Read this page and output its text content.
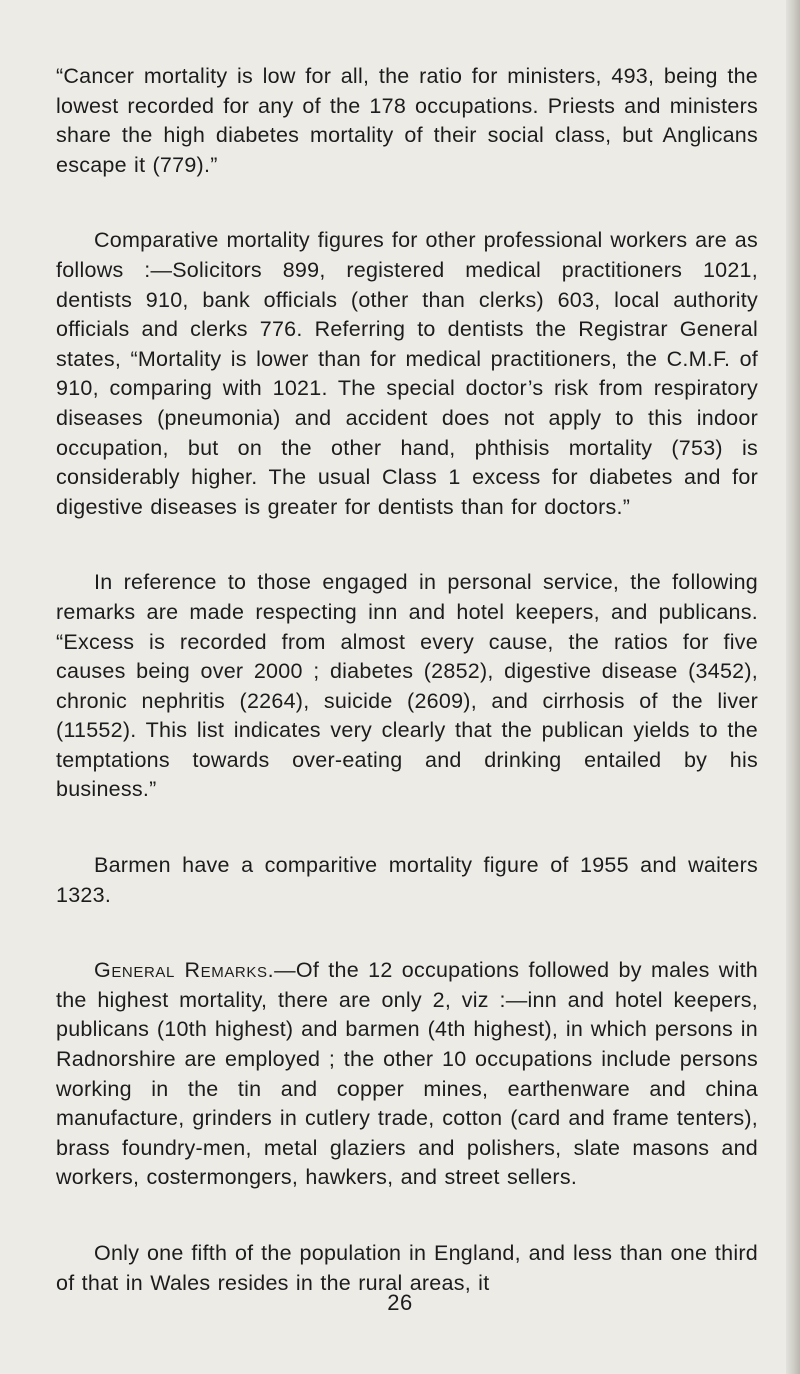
“Cancer mortality is low for all, the ratio for ministers, 493, being the lowest recorded for any of the 178 occupations. Priests and ministers share the high diabetes mortality of their social class, but Anglicans escape it (779).”

Comparative mortality figures for other professional workers are as follows :—Solicitors 899, registered medical practitioners 1021, dentists 910, bank officials (other than clerks) 603, local authority officials and clerks 776. Referring to dentists the Registrar General states, “Mortality is lower than for medical practitioners, the C.M.F. of 910, comparing with 1021. The special doctor’s risk from respiratory diseases (pneumonia) and accident does not apply to this indoor occupation, but on the other hand, phthisis mortality (753) is considerably higher. The usual Class 1 excess for diabetes and for digestive diseases is greater for dentists than for doctors.”

In reference to those engaged in personal service, the following remarks are made respecting inn and hotel keepers, and publicans. “Excess is recorded from almost every cause, the ratios for five causes being over 2000 ; diabetes (2852), digestive disease (3452), chronic nephritis (2264), suicide (2609), and cirrhosis of the liver (11552). This list indicates very clearly that the publican yields to the temptations towards over-eating and drinking entailed by his business.”

Barmen have a comparitive mortality figure of 1955 and waiters 1323.

General Remarks.—Of the 12 occupations followed by males with the highest mortality, there are only 2, viz :—inn and hotel keepers, publicans (10th highest) and barmen (4th highest), in which persons in Radnorshire are employed ; the other 10 occupations include persons working in the tin and copper mines, earthenware and china manufacture, grinders in cutlery trade, cotton (card and frame tenters), brass foundry-men, metal glaziers and polishers, slate masons and workers, costermongers, hawkers, and street sellers.

Only one fifth of the population in England, and less than one third of that in Wales resides in the rural areas, it

26
